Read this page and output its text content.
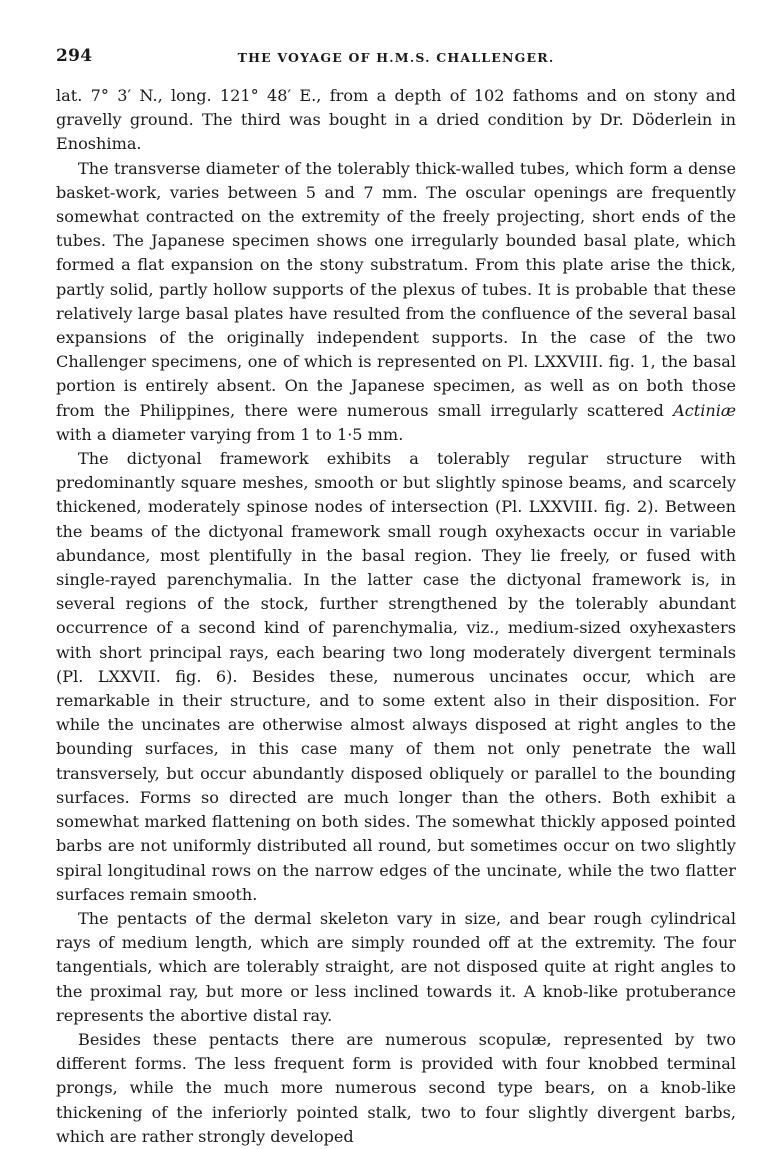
294	THE VOYAGE OF H.M.S. CHALLENGER.

lat. 7° 3′ N., long. 121° 48′ E., from a depth of 102 fathoms and on stony and gravelly ground. The third was bought in a dried condition by Dr. Döderlein in Enoshima.

The transverse diameter of the tolerably thick-walled tubes, which form a dense basket-work, varies between 5 and 7 mm. The oscular openings are frequently somewhat contracted on the extremity of the freely projecting, short ends of the tubes. The Japanese specimen shows one irregularly bounded basal plate, which formed a flat expansion on the stony substratum. From this plate arise the thick, partly solid, partly hollow supports of the plexus of tubes. It is probable that these relatively large basal plates have resulted from the confluence of the several basal expansions of the originally independent supports. In the case of the two Challenger specimens, one of which is represented on Pl. LXXVIII. fig. 1, the basal portion is entirely absent. On the Japanese specimen, as well as on both those from the Philippines, there were numerous small irregularly scattered Actiniæ with a diameter varying from 1 to 1·5 mm.

The dictyonal framework exhibits a tolerably regular structure with predominantly square meshes, smooth or but slightly spinose beams, and scarcely thickened, moderately spinose nodes of intersection (Pl. LXXVIII. fig. 2). Between the beams of the dictyonal framework small rough oxyhexacts occur in variable abundance, most plentifully in the basal region. They lie freely, or fused with single-rayed parenchymalia. In the latter case the dictyonal framework is, in several regions of the stock, further strengthened by the tolerably abundant occurrence of a second kind of parenchymalia, viz., medium-sized oxyhexasters with short principal rays, each bearing two long moderately divergent terminals (Pl. LXXVII. fig. 6). Besides these, numerous uncinates occur, which are remarkable in their structure, and to some extent also in their disposition. For while the uncinates are otherwise almost always disposed at right angles to the bounding surfaces, in this case many of them not only penetrate the wall transversely, but occur abundantly disposed obliquely or parallel to the bounding surfaces. Forms so directed are much longer than the others. Both exhibit a somewhat marked flattening on both sides. The somewhat thickly apposed pointed barbs are not uniformly distributed all round, but sometimes occur on two slightly spiral longitudinal rows on the narrow edges of the uncinate, while the two flatter surfaces remain smooth.

The pentacts of the dermal skeleton vary in size, and bear rough cylindrical rays of medium length, which are simply rounded off at the extremity. The four tangentials, which are tolerably straight, are not disposed quite at right angles to the proximal ray, but more or less inclined towards it. A knob-like protuberance represents the abortive distal ray.

Besides these pentacts there are numerous scopulæ, represented by two different forms. The less frequent form is provided with four knobbed terminal prongs, while the much more numerous second type bears, on a knob-like thickening of the inferiorly pointed stalk, two to four slightly divergent barbs, which are rather strongly developed
